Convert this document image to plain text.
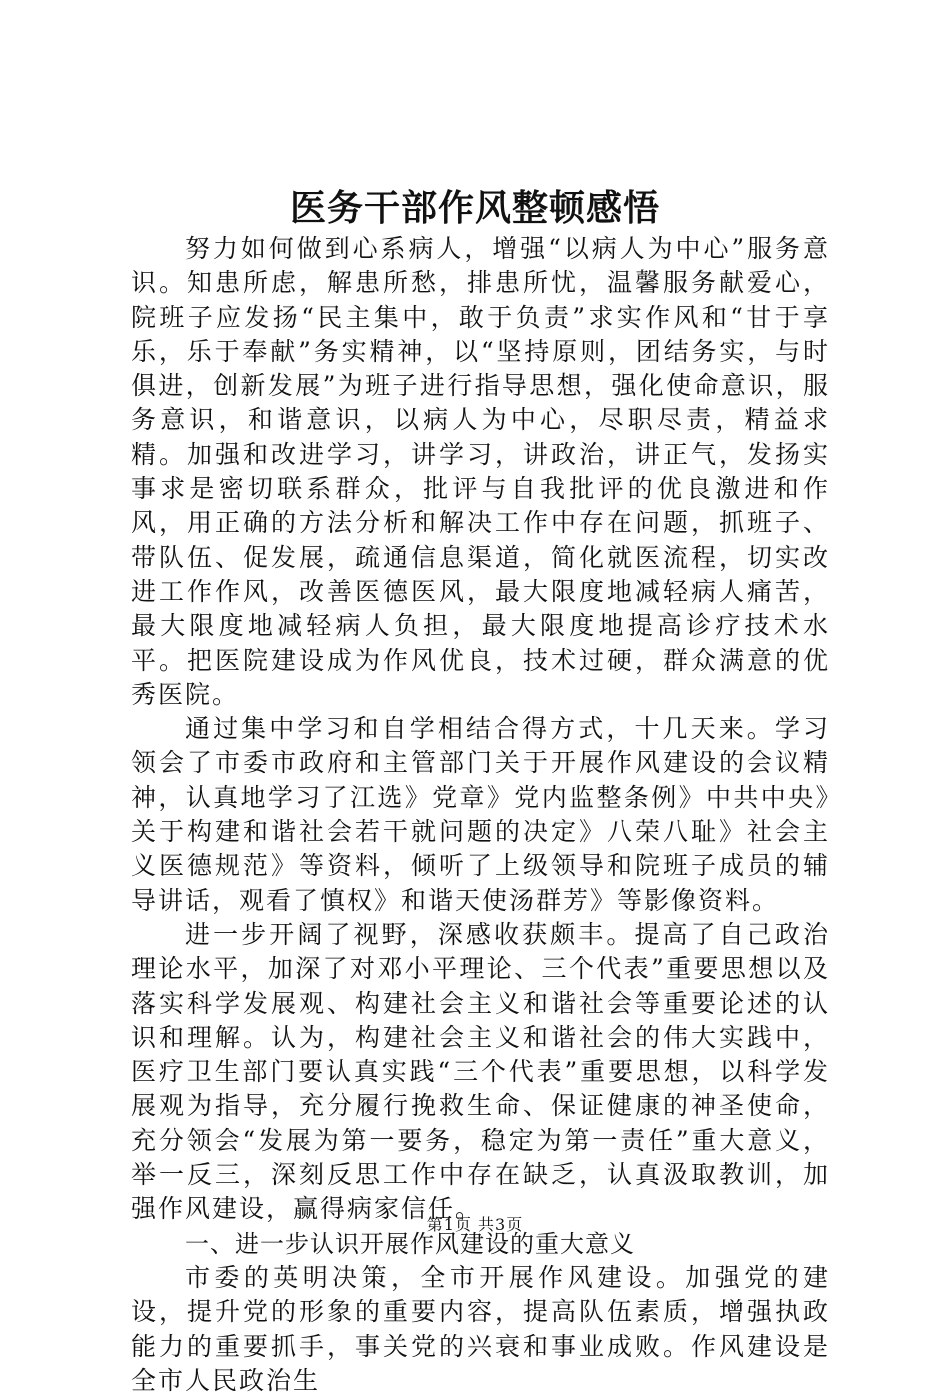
医务干部作风整顿感悟

努力如何做到心系病人，增强“以病人为中心”服务意识。知患所虑，解患所愁，排患所忧，温馨服务献爱心，院班子应发扬“民主集中，敢于负责”求实作风和“甘于享乐，乐于奉献”务实精神，以“坚持原则，团结务实，与时俱进，创新发展”为班子进行指导思想，强化使命意识，服务意识，和谐意识，以病人为中心，尽职尽责，精益求精。加强和改进学习，讲学习，讲政治，讲正气，发扬实事求是密切联系群众，批评与自我批评的优良激进和作风，用正确的方法分析和解决工作中存在问题，抓班子、带队伍、促发展，疏通信息渠道，简化就医流程，切实改进工作作风，改善医德医风，最大限度地减轻病人痛苦，最大限度地减轻病人负担，最大限度地提高诊疗技术水平。把医院建设成为作风优良，技术过硬，群众满意的优秀医院。

通过集中学习和自学相结合得方式，十几天来。学习领会了市委市政府和主管部门关于开展作风建设的会议精神，认真地学习了江选》党章》党内监整条例》中共中央》关于构建和谐社会若干就问题的决定》八荣八耻》社会主义医德规范》等资料，倾听了上级领导和院班子成员的辅导讲话，观看了慎权》和谐天使汤群芳》等影像资料。

进一步开阔了视野，深感收获颇丰。提高了自己政治理论水平，加深了对邓小平理论、三个代表”重要思想以及落实科学发展观、构建社会主义和谐社会等重要论述的认识和理解。认为，构建社会主义和谐社会的伟大实践中，医疗卫生部门要认真实践“三个代表”重要思想，以科学发展观为指导，充分履行挽救生命、保证健康的神圣使命，充分领会“发展为第一要务，稳定为第一责任”重大意义，举一反三，深刻反思工作中存在缺乏，认真汲取教训，加强作风建设，赢得病家信任。

一、进一步认识开展作风建设的重大意义

市委的英明决策，全市开展作风建设。加强党的建设，提升党的形象的重要内容，提高队伍素质，增强执政能力的重要抓手，事关党的兴衰和事业成败。作风建设是全市人民政治生

第1页 共3页
